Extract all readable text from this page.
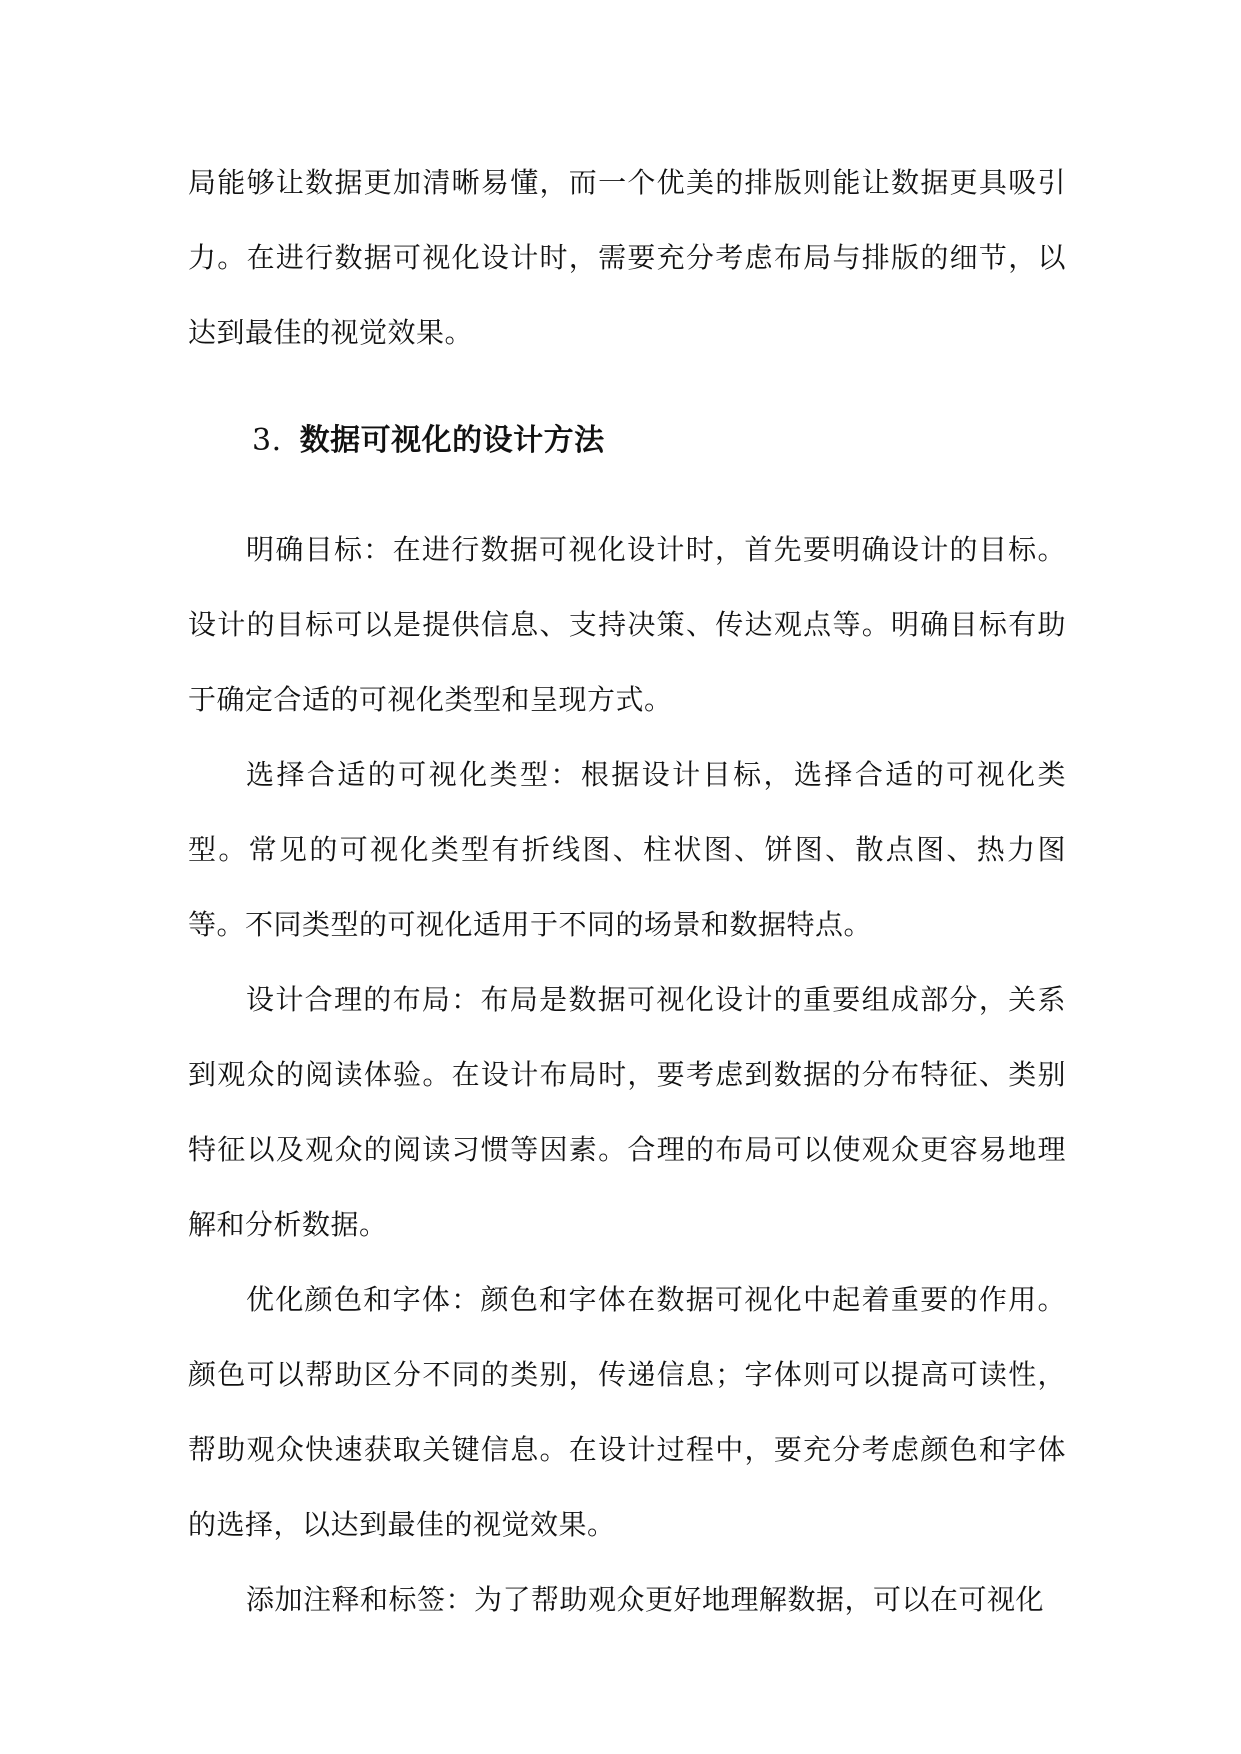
局能够让数据更加清晰易懂，而一个优美的排版则能让数据更具吸引力。在进行数据可视化设计时，需要充分考虑布局与排版的细节，以达到最佳的视觉效果。

3. 数据可视化的设计方法

明确目标：在进行数据可视化设计时，首先要明确设计的目标。设计的目标可以是提供信息、支持决策、传达观点等。明确目标有助于确定合适的可视化类型和呈现方式。

选择合适的可视化类型：根据设计目标，选择合适的可视化类型。常见的可视化类型有折线图、柱状图、饼图、散点图、热力图等。不同类型的可视化适用于不同的场景和数据特点。

设计合理的布局：布局是数据可视化设计的重要组成部分，关系到观众的阅读体验。在设计布局时，要考虑到数据的分布特征、类别特征以及观众的阅读习惯等因素。合理的布局可以使观众更容易地理解和分析数据。

优化颜色和字体：颜色和字体在数据可视化中起着重要的作用。颜色可以帮助区分不同的类别，传递信息；字体则可以提高可读性，帮助观众快速获取关键信息。在设计过程中，要充分考虑颜色和字体的选择，以达到最佳的视觉效果。

添加注释和标签：为了帮助观众更好地理解数据，可以在可视化
